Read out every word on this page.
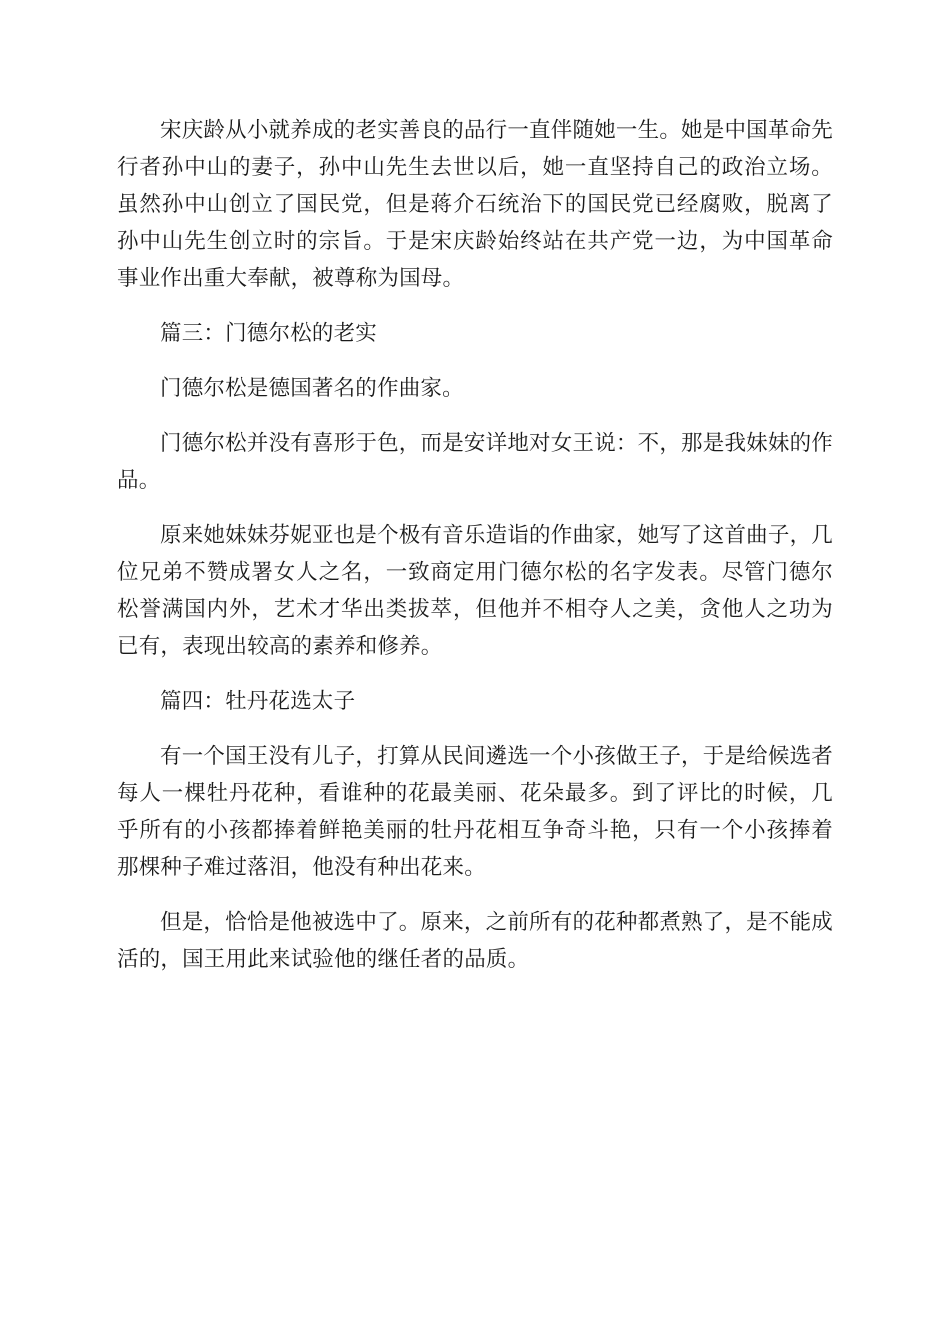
宋庆龄从小就养成的老实善良的品行一直伴随她一生。她是中国革命先行者孙中山的妻子，孙中山先生去世以后，她一直坚持自己的政治立场。虽然孙中山创立了国民党，但是蒋介石统治下的国民党已经腐败，脱离了孙中山先生创立时的宗旨。于是宋庆龄始终站在共产党一边，为中国革命事业作出重大奉献，被尊称为国母。

篇三：门德尔松的老实

门德尔松是德国著名的作曲家。

门德尔松并没有喜形于色，而是安详地对女王说：不，那是我妹妹的作品。

原来她妹妹芬妮亚也是个极有音乐造诣的作曲家，她写了这首曲子，几位兄弟不赞成署女人之名，一致商定用门德尔松的名字发表。尽管门德尔松誉满国内外，艺术才华出类拔萃，但他并不相夺人之美，贪他人之功为已有，表现出较高的素养和修养。

篇四：牡丹花选太子

有一个国王没有儿子，打算从民间遴选一个小孩做王子，于是给候选者每人一棵牡丹花种，看谁种的花最美丽、花朵最多。到了评比的时候，几乎所有的小孩都捧着鲜艳美丽的牡丹花相互争奇斗艳，只有一个小孩捧着那棵种子难过落泪，他没有种出花来。

但是，恰恰是他被选中了。原来，之前所有的花种都煮熟了，是不能成活的，国王用此来试验他的继任者的品质。
